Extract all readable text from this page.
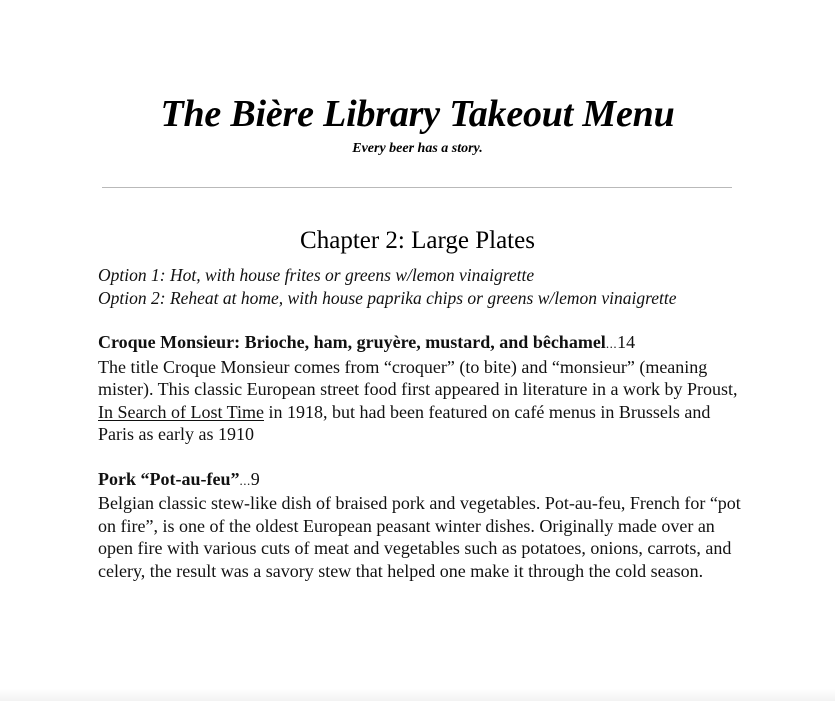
The Bière Library Takeout Menu
Every beer has a story.
Chapter 2: Large Plates
Option 1: Hot, with house frites or greens w/lemon vinaigrette
Option 2: Reheat at home, with house paprika chips or greens w/lemon vinaigrette
Croque Monsieur: Brioche, ham, gruyère, mustard, and bêchamel...14

The title Croque Monsieur comes from “croquer” (to bite) and “monsieur” (meaning mister). This classic European street food first appeared in literature in a work by Proust, In Search of Lost Time in 1918, but had been featured on café menus in Brussels and Paris as early as 1910

Pork “Pot-au-feu”...9

Belgian classic stew-like dish of braised pork and vegetables. Pot-au-feu, French for “pot on fire”, is one of the oldest European peasant winter dishes. Originally made over an open fire with various cuts of meat and vegetables such as potatoes, onions, carrots, and celery, the result was a savory stew that helped one make it through the cold season.
